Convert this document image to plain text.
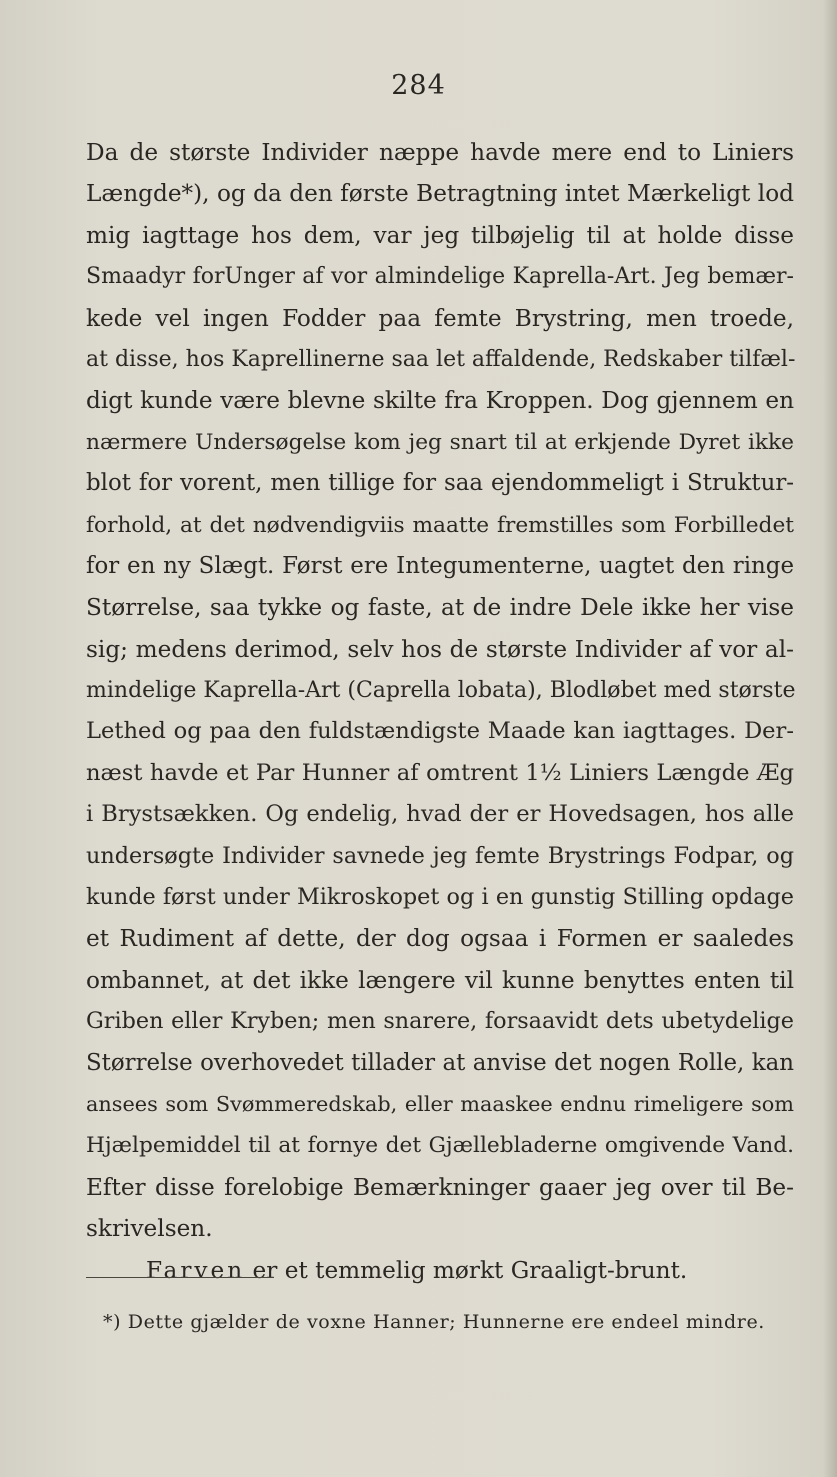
284
Da de største Individer næppe havde mere end to Liniers
Længde*), og da den første Betragtning intet Mærkeligt lod
mig iagttage hos dem, var jeg tilbøjelig til at holde disse
Smaadyr forUnger af vor almindelige Kaprella-Art. Jeg bemær-
kede vel ingen Fodder paa femte Brystring, men troede,
at disse, hos Kaprellinerne saa let affaldende, Redskaber tilfæl-
digt kunde være blevne skilte fra Kroppen. Dog gjennem en
nærmere Undersøgelse kom jeg snart til at erkjende Dyret ikke
blot for vorent, men tillige for saa ejendommeligt i Struktur-
forhold, at det nødvendigviis maatte fremstilles som Forbilledet
for en ny Slægt. Først ere Integumenterne, uagtet den ringe
Størrelse, saa tykke og faste, at de indre Dele ikke her vise
sig; medens derimod, selv hos de største Individer af vor al-
mindelige Kaprella-Art (Caprella lobata), Blodløbet med største
Lethed og paa den fuldstændigste Maade kan iagttages. Der-
næst havde et Par Hunner af omtrent 1½ Liniers Længde Æg
i Brystsækken. Og endelig, hvad der er Hovedsagen, hos alle
undersøgte Individer savnede jeg femte Brystrings Fodpar, og
kunde først under Mikroskopet og i en gunstig Stilling opdage
et Rudiment af dette, der dog ogsaa i Formen er saaledes
ombannet, at det ikke længere vil kunne benyttes enten til
Griben eller Kryben; men snarere, forsaavidt dets ubetydelige
Størrelse overhovedet tillader at anvise det nogen Rolle, kan
ansees som Svømmeredskab, eller maaskee endnu rimeligere som
Hjælpemiddel til at fornye det Gjællebladerne omgivende Vand.
Efter disse forelobige Bemærkninger gaaer jeg over til Be-
skrivelsen.
Farven er et temmelig mørkt Graaligt-brunt.
*) Dette gjælder de voxne Hanner; Hunnerne ere endeel mindre.
